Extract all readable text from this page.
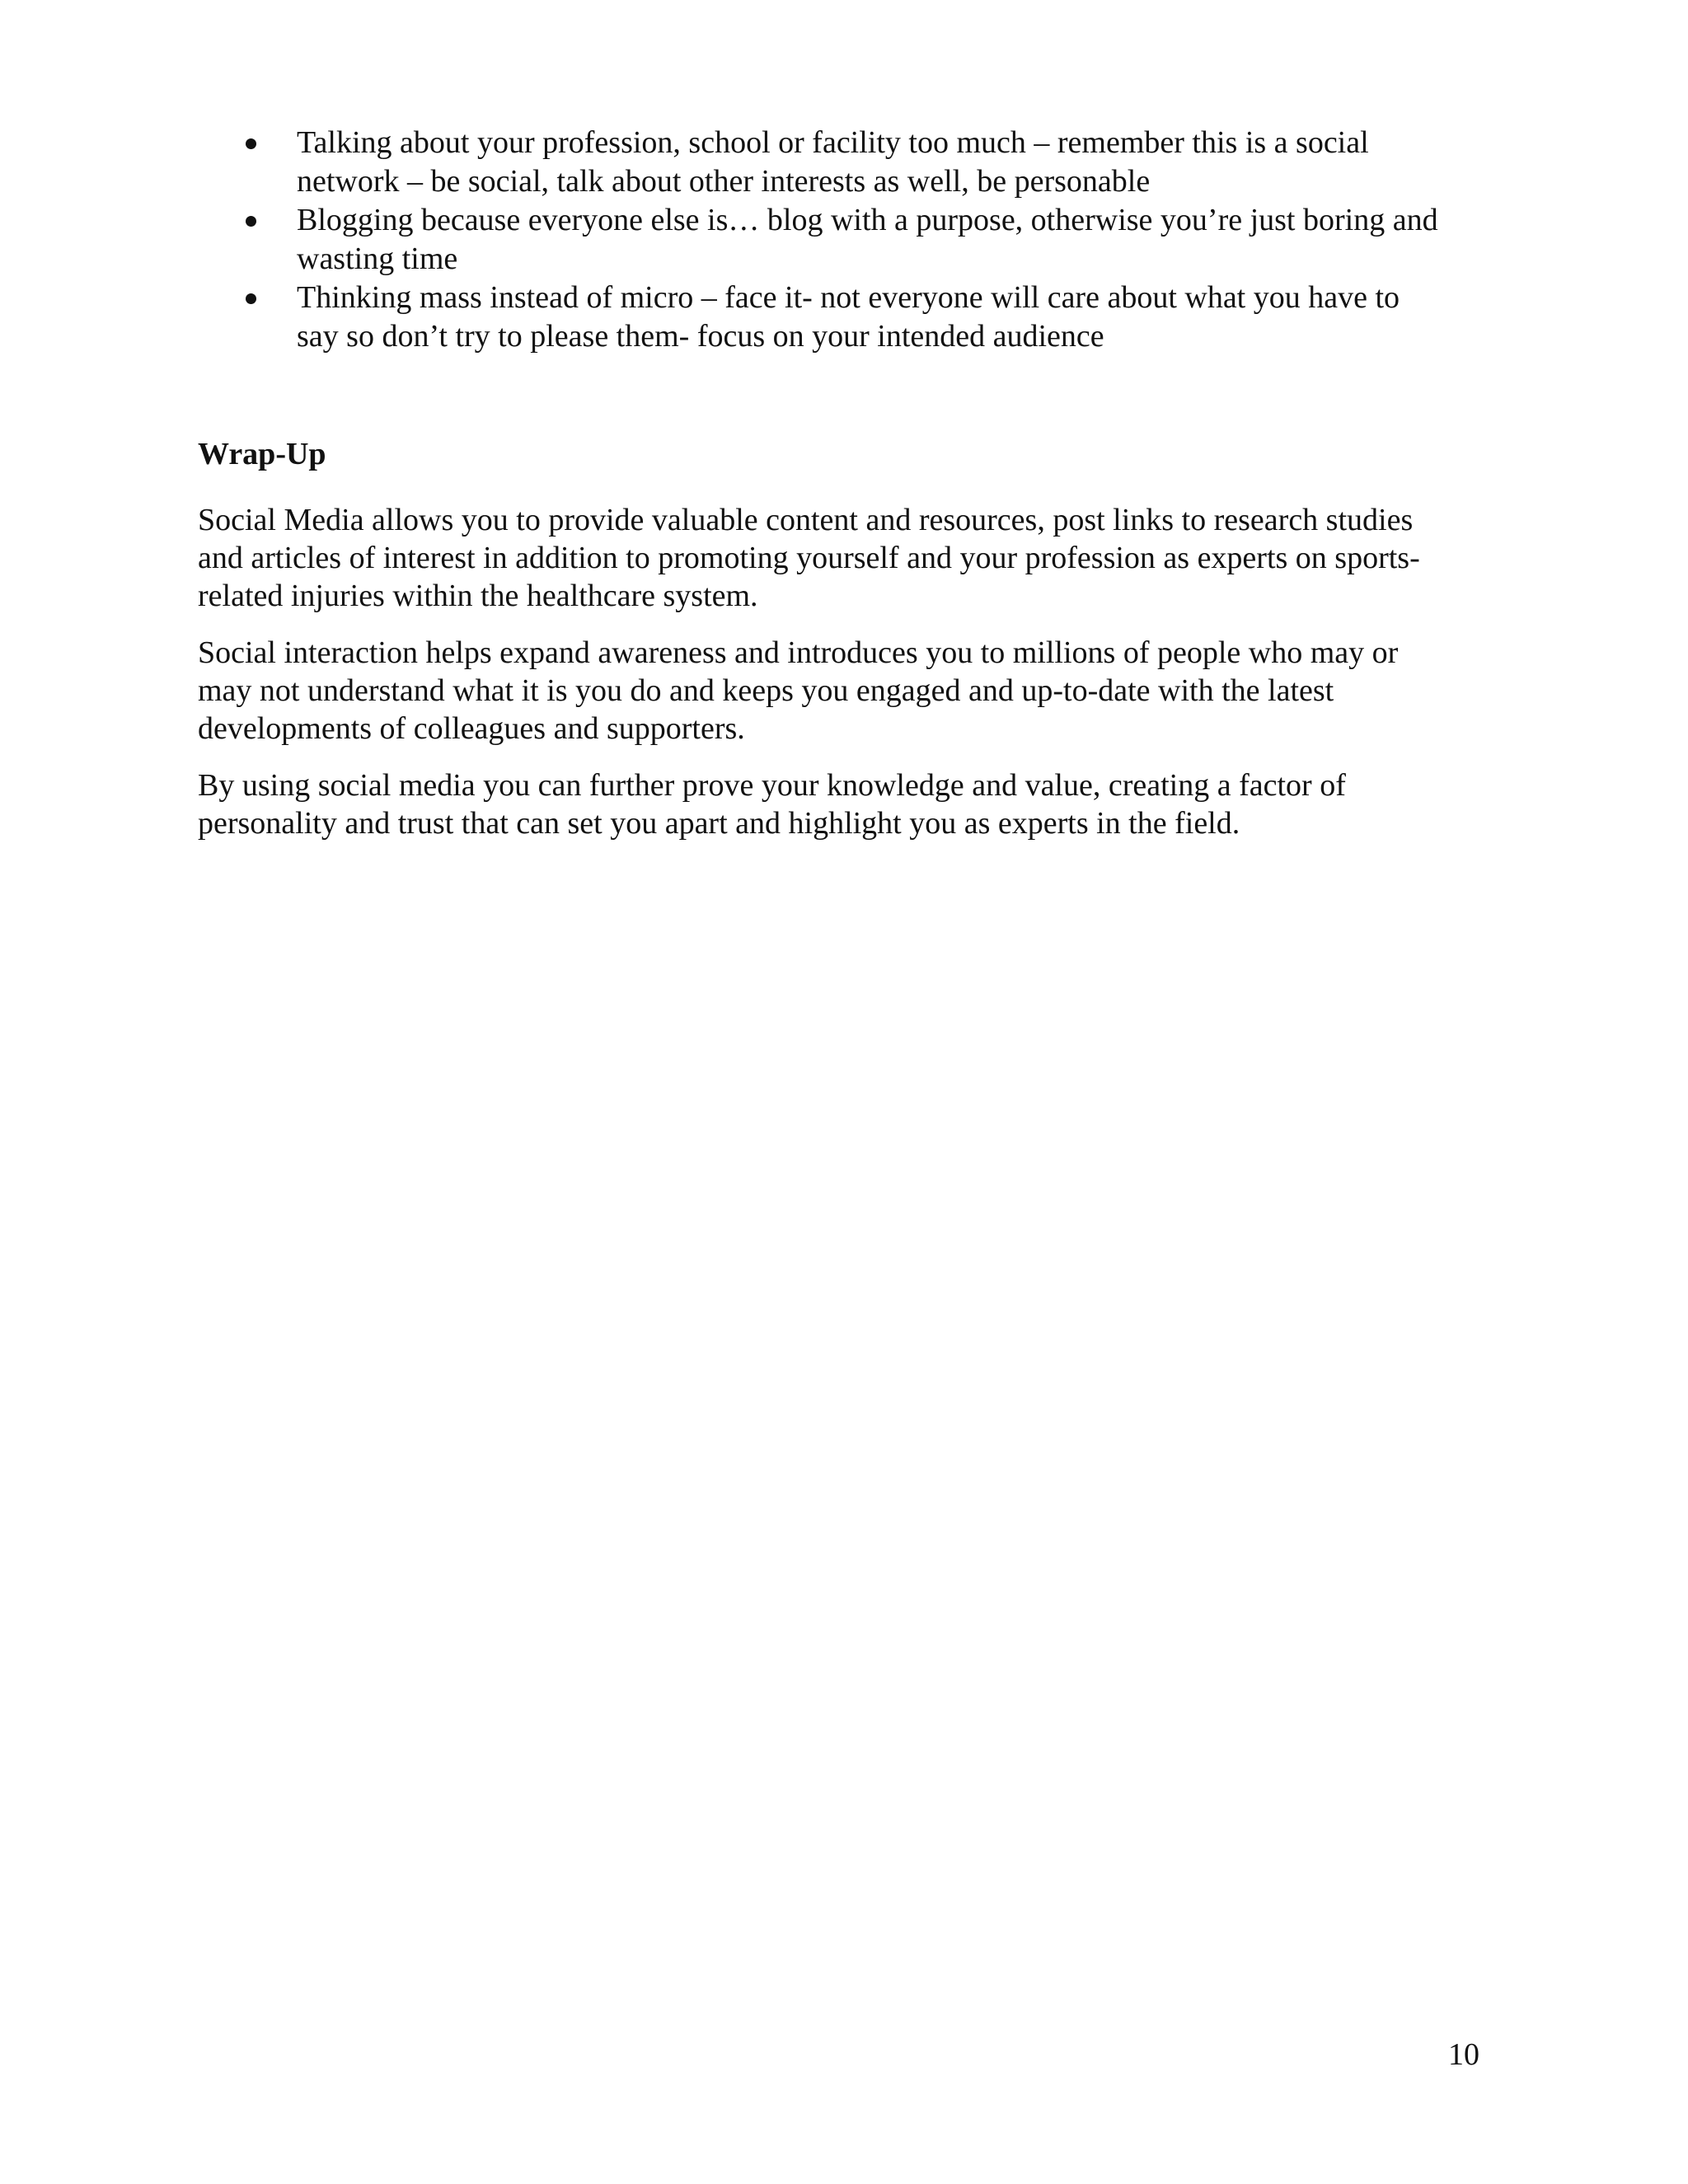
Talking about your profession, school or facility too much – remember this is a social
network – be social, talk about other interests as well, be personable
Blogging because everyone else is… blog with a purpose, otherwise you’re just boring and
wasting time
Thinking mass instead of micro – face it- not everyone will care about what you have to
say so don’t try to please them- focus on your intended audience
Wrap-Up

Social Media allows you to provide valuable content and resources, post links to research studies
and articles of interest in addition to promoting yourself and your profession as experts on sports-
related injuries within the healthcare system.

Social interaction helps expand awareness and introduces you to millions of people who may or
may not understand what it is you do and keeps you engaged and up-to-date with the latest
developments of colleagues and supporters.

By using social media you can further prove your knowledge and value, creating a factor of
personality and trust that can set you apart and highlight you as experts in the field.

10
